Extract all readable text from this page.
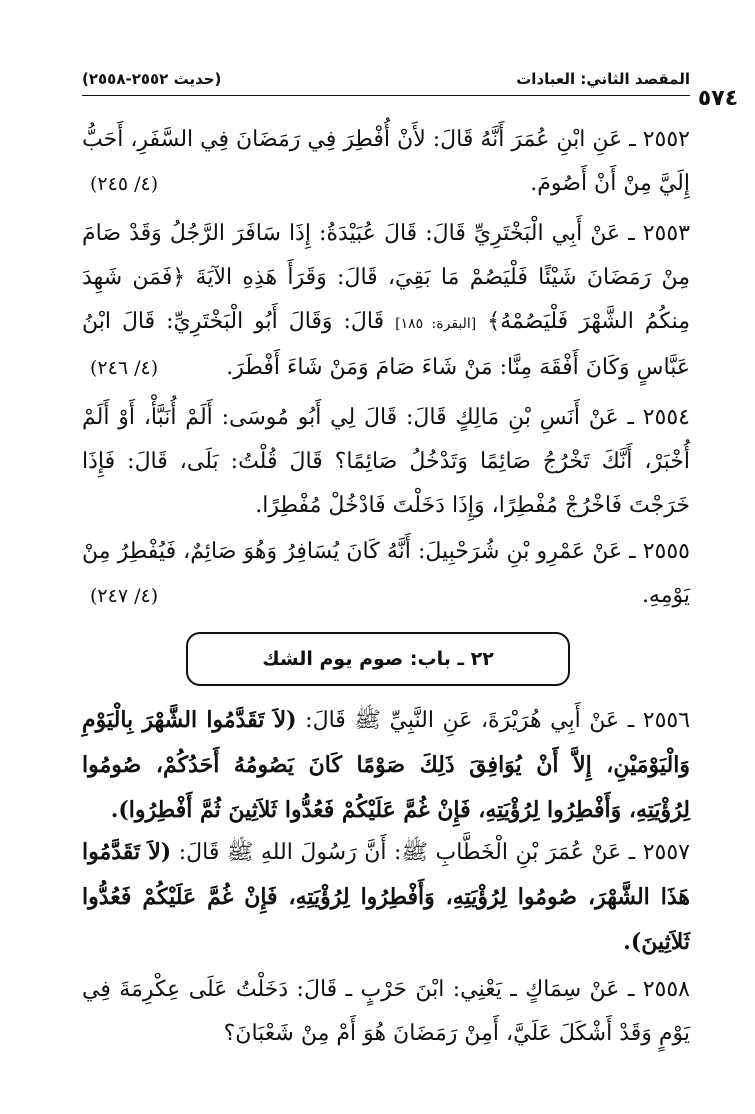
٥٧٤
المقصد الثاني: العبادات
(حديث ٢٥٥٢-٢٥٥٨)
٢٥٥٢ ـ عَنِ ابْنِ عُمَرَ أَنَّهُ قَالَ: لأَنْ أُفْطِرَ فِي رَمَضَانَ فِي السَّفَرِ، أَحَبُّ إِلَيَّ مِنْ أَنْ أَصُومَ.
(٤/ ٢٤٥)
٢٥٥٣ ـ عَنْ أَبِي الْبَخْتَرِيِّ قَالَ: قَالَ عُبَيْدَةُ: إِذَا سَافَرَ الرَّجُلُ وَقَدْ صَامَ مِنْ رَمَضَانَ شَيْئًا فَلْيَصُمْ مَا بَقِيَ، قَالَ: وَقَرَأَ هَذِهِ الآيَةَ ﴿فَمَن شَهِدَ مِنكُمُ الشَّهْرَ فَلْيَصُمْهُ﴾ [البقرة: ١٨٥] قَالَ: وَقَالَ أَبُو الْبَخْتَرِيِّ: قَالَ ابْنُ عَبَّاسٍ وَكَانَ أَفْقَهَ مِنَّا: مَنْ شَاءَ صَامَ وَمَنْ شَاءَ أَفْطَرَ.
(٤/ ٢٤٦)
٢٥٥٤ ـ عَنْ أَنَسِ بْنِ مَالِكٍ قَالَ: قَالَ لِي أَبُو مُوسَى: أَلَمْ أُنَبَّأْ، أَوْ أَلَمْ أُخْبَرْ، أَنَّكَ تَخْرُجُ صَائِمًا وَتَدْخُلُ صَائِمًا؟ قَالَ قُلْتُ: بَلَى، قَالَ: فَإِذَا خَرَجْتَ فَاخْرُجْ مُفْطِرًا، وَإِذَا دَخَلْتَ فَادْخُلْ مُفْطِرًا.
٢٥٥٥ ـ عَنْ عَمْرِو بْنِ شُرَحْبِيلَ: أَنَّهُ كَانَ يُسَافِرُ وَهُوَ صَائِمٌ، فَيُفْطِرُ مِنْ يَوْمِهِ.
(٤/ ٢٤٧)
٢٢ ـ باب: صوم يوم الشك
٢٥٥٦ ـ عَنْ أَبِي هُرَيْرَةَ، عَنِ النَّبِيِّ ﷺ قَالَ: (لاَ تَقَدَّمُوا الشَّهْرَ بِالْيَوْمِ وَالْيَوْمَيْنِ، إِلاَّ أَنْ يُوَافِقَ ذَلِكَ صَوْمًا كَانَ يَصُومُهُ أَحَدُكُمْ، صُومُوا لِرُؤْيَتِهِ، وَأَفْطِرُوا لِرُؤْيَتِهِ، فَإِنْ غُمَّ عَلَيْكُمْ فَعُدُّوا ثَلاَثِينَ ثُمَّ أَفْطِرُوا).
٢٥٥٧ ـ عَنْ عُمَرَ بْنِ الْخَطَّابِ ﷺ: أَنَّ رَسُولَ اللهِ ﷺ قَالَ: (لاَ تَقَدَّمُوا هَذَا الشَّهْرَ، صُومُوا لِرُؤْيَتِهِ، وَأَفْطِرُوا لِرُؤْيَتِهِ، فَإِنْ غُمَّ عَلَيْكُمْ فَعُدُّوا ثَلاَثِينَ).
٢٥٥٨ ـ عَنْ سِمَاكٍ ـ يَعْنِي: ابْنَ حَرْبٍ ـ قَالَ: دَخَلْتُ عَلَى عِكْرِمَةَ فِي يَوْمٍ وَقَدْ أَشْكَلَ عَلَيَّ، أَمِنْ رَمَضَانَ هُوَ أَمْ مِنْ شَعْبَانَ؟
